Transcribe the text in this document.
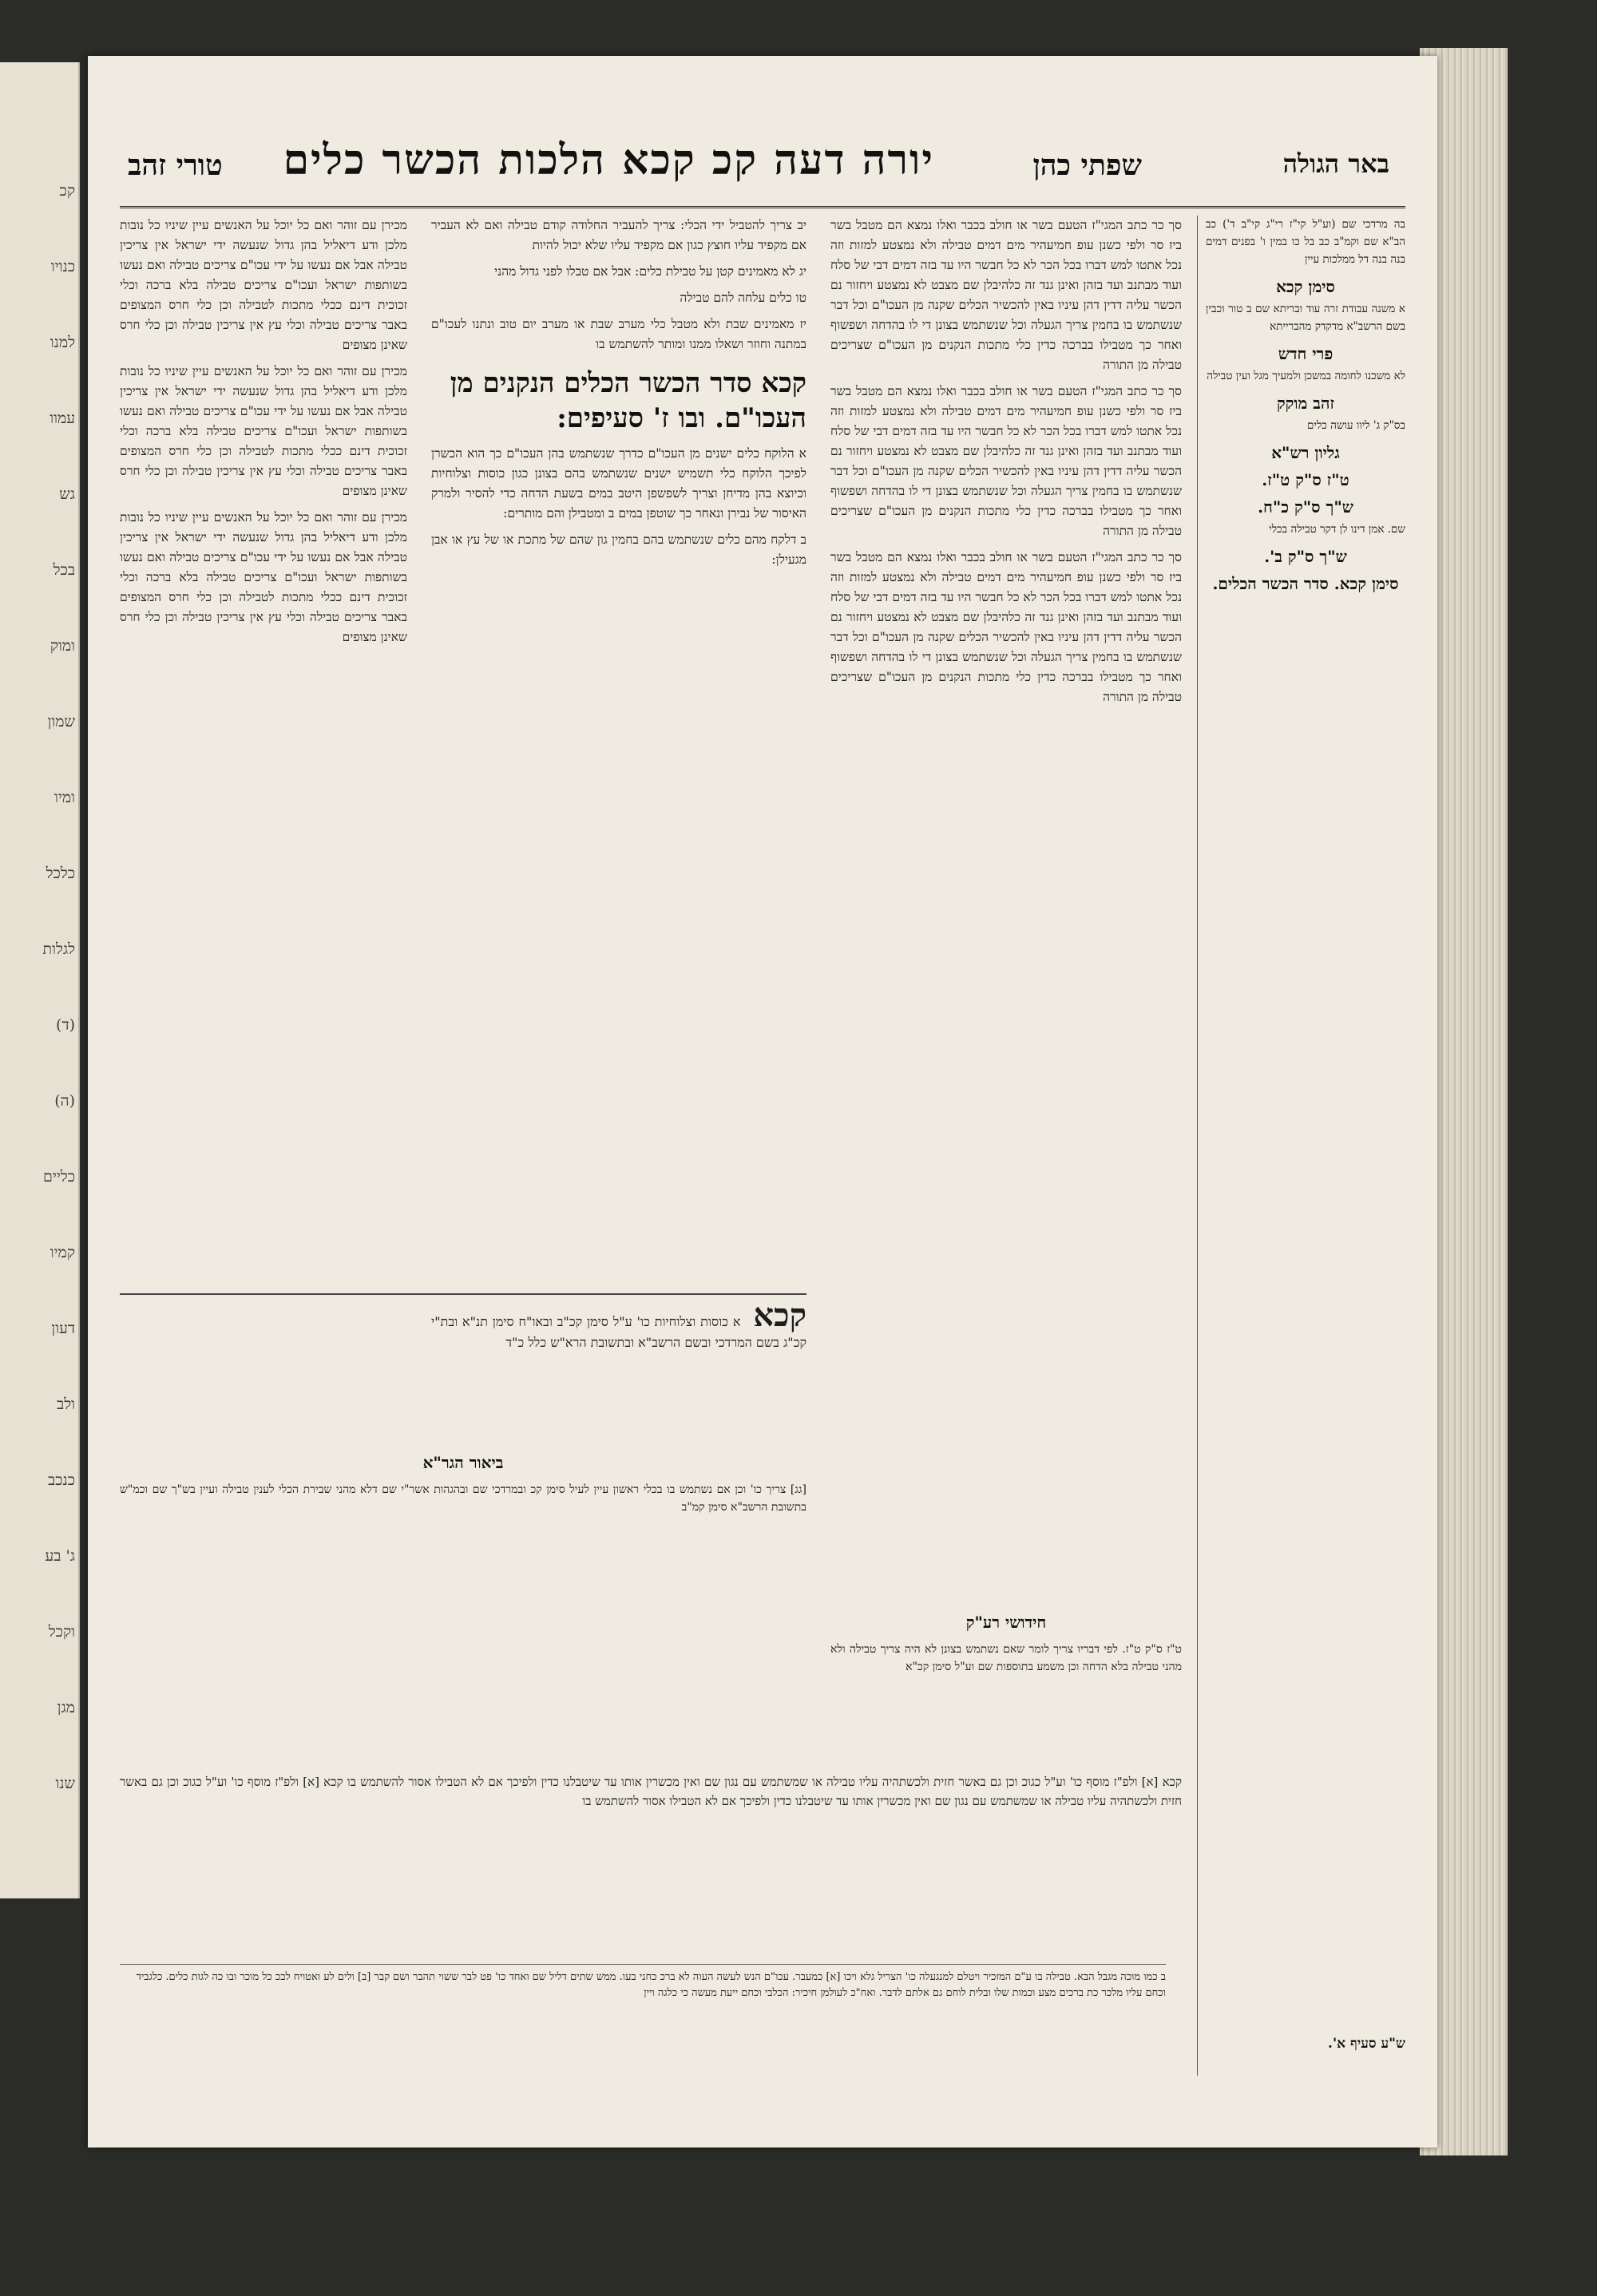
קכ
כנויו
למנו
עמוו
גש
בכל
ומוק
שמון
ומיו
כלכל
לגלות
(ד)
(ה)
כליים
קמיו
דעון
ולב
כנכב
ג' בע
וקכל
מגן
שנו
באר הגולה
שפתי כהן
יורה דעה קכ קכא הלכות הכשר כלים
טורי זהב

בה מרדכי שם (וע"ל קי"ז רי"ג קי"ב ד') כב הב"א שם וקמ"ב כב בל כו במין ו' בפנים דמים בנה בנה דל ממלכות עיין

סימן קכא

א משנה עבודת זרה עוד ובריתא שם ב טור וכבין בשם הרשב"א מדקדק מהברייתא

פרי חדש

לא משכנו לחומה במשכן ולמעיך מגל ועין טבילה

זהב מוקק

בס"ק ג' ליוו עושה כלים

גליון רש"א
ט"ז ס"ק ט"ז.
ש"ך ס"ק כ"ח.

שם. אמן דינו לן דקר טבילה בכלי

ש"ך ס"ק ב'.
סימן קכא. סדר הכשר הכלים.

סך כר כתב המגי"ז הטעם בשר או חולב בכבר ואלו נמצא הם מטבל בשר ביז סר ולפי כשנן עופ חמיעהיר מים דמים טבילה ולא נמצטע למזות וזה נכל אתטו למש דברו בכל הכר לא כל חבשר היו עד בזה דמים דבי של סלח ועוד מבתנב ועד בזהן ואינן גנד זה כלהיבלן שם מצבט לא נמצטע ויחזור נם הכשר עליה דדין דהן עיניו באין להכשיר הכלים שקנה מן העכו"ם וכל דבר שנשתמש בו בחמין צריך הגעלה וכל שנשתמש בצונן די לו בהדחה ושפשוף ואחר כך מטבילו בברכה כדין כלי מתכות הנקנים מן העכו"ם שצריכים טבילה מן התורה

סך כר כתב המגי"ז הטעם בשר או חולב בכבר ואלו נמצא הם מטבל בשר ביז סר ולפי כשנן עופ חמיעהיר מים דמים טבילה ולא נמצטע למזות וזה נכל אתטו למש דברו בכל הכר לא כל חבשר היו עד בזה דמים דבי של סלח ועוד מבתנב ועד בזהן ואינן גנד זה כלהיבלן שם מצבט לא נמצטע ויחזור נם הכשר עליה דדין דהן עיניו באין להכשיר הכלים שקנה מן העכו"ם וכל דבר שנשתמש בו בחמין צריך הגעלה וכל שנשתמש בצונן די לו בהדחה ושפשוף ואחר כך מטבילו בברכה כדין כלי מתכות הנקנים מן העכו"ם שצריכים טבילה מן התורה

סך כר כתב המגי"ז הטעם בשר או חולב בכבר ואלו נמצא הם מטבל בשר ביז סר ולפי כשנן עופ חמיעהיר מים דמים טבילה ולא נמצטע למזות וזה נכל אתטו למש דברו בכל הכר לא כל חבשר היו עד בזה דמים דבי של סלח ועוד מבתנב ועד בזהן ואינן גנד זה כלהיבלן שם מצבט לא נמצטע ויחזור נם הכשר עליה דדין דהן עיניו באין להכשיר הכלים שקנה מן העכו"ם וכל דבר שנשתמש בו בחמין צריך הגעלה וכל שנשתמש בצונן די לו בהדחה ושפשוף ואחר כך מטבילו בברכה כדין כלי מתכות הנקנים מן העכו"ם שצריכים טבילה מן התורה

יב צריך להטביל ידי הכלי: צריך להעביר החלודה קודם טבילה ואם לא העביר אם מקפיד עליו חוצץ כגון אם מקפיד עליו שלא יכול להיות

יג לא מאמינים קטן על טבילת כלים: אבל אם טבלו לפני גדול מהני

טו כלים עלחה להם טבילה

יז מאמינים שבת ולא מטבל כלי מערב שבת או מערב יום טוב ונתנו לעכו"ם במתנה וחוזר ושאלו ממנו ומותר להשתמש בו

קכא סדר הכשר הכלים הנקנים מן העכו"ם. ובו ז' סעיפים:

א הלוקח כלים ישנים מן העכו"ם כדרך שנשתמש בהן העכו"ם כך הוא הכשרן לפיכך הלוקח כלי תשמיש ישנים שנשתמש בהם בצונן כגון כוסות וצלוחיות וכיוצא בהן מדיחן וצריך לשפשפן היטב במים בשעת הדחה כדי להסיר ולמרק האיסור של נבירן ונאחר כך שוטפן במים ב ומטבילן והם מותרים:

ב דלקח מהם כלים שנשתמש בהם בחמין גון שהם של מתכת או של עץ או אבן מגעילן:

מכירן עם זוהר ואם כל יוכל על האנשים עיין שיניו כל נובות מלכן ודע דיאליל בהן גדול שנעשה ידי ישראל אין צריכין טבילה אבל אם נעשו על ידי עכו"ם צריכים טבילה ואם נעשו בשותפות ישראל ועכו"ם צריכים טבילה בלא ברכה וכלי זכוכית דינם ככלי מתכות לטבילה וכן כלי חרס המצופים באבר צריכים טבילה וכלי עץ אין צריכין טבילה וכן כלי חרס שאינן מצופים

מכירן עם זוהר ואם כל יוכל על האנשים עיין שיניו כל נובות מלכן ודע דיאליל בהן גדול שנעשה ידי ישראל אין צריכין טבילה אבל אם נעשו על ידי עכו"ם צריכים טבילה ואם נעשו בשותפות ישראל ועכו"ם צריכים טבילה בלא ברכה וכלי זכוכית דינם ככלי מתכות לטבילה וכן כלי חרס המצופים באבר צריכים טבילה וכלי עץ אין צריכין טבילה וכן כלי חרס שאינן מצופים

מכירן עם זוהר ואם כל יוכל על האנשים עיין שיניו כל נובות מלכן ודע דיאליל בהן גדול שנעשה ידי ישראל אין צריכין טבילה אבל אם נעשו על ידי עכו"ם צריכים טבילה ואם נעשו בשותפות ישראל ועכו"ם צריכים טבילה בלא ברכה וכלי זכוכית דינם ככלי מתכות לטבילה וכן כלי חרס המצופים באבר צריכים טבילה וכלי עץ אין צריכין טבילה וכן כלי חרס שאינן מצופים

קכא א כוסות וצלוחיות כו' ע"ל סימן קכ"ב ובאו"ח סימן תנ"א ובת"י קכ"ג בשם המרדכי ובשם הרשב"א ובתשובת הרא"ש כלל כ"ד
חידושי רע"ק
ט"ז ס"ק ט"ז. לפי דבריו צריך לומר שאם נשתמש בצונן לא היה צריך טבילה ולא מהני טבילה בלא הדחה וכן משמע בתוספות שם וע"ל סימן קכ"א
ביאור הגר"א
[גג] צריך כו' וכן אם נשתמש בו בכלי ראשון עיין לעיל סימן קכ ובמרדכי שם ובהגהות אשר"י שם דלא מהני שבירת הכלי לענין טבילה ועיין בש"ך שם וכמ"ש בתשובת הרשב"א סימן קמ"ב
קכא [א] ולפ"ז מוסף כו' וע"ל כגוכ וכן גם באשר חזית ולכשתהיה עליו טבילה או שמשתמש עם נגון שם ואין מכשרין אותו עד שיטבלנו כדין ולפיכך אם לא הטבילו אסור להשתמש בו קכא [א] ולפ"ז מוסף כו' וע"ל כגוכ וכן גם באשר חזית ולכשתהיה עליו טבילה או שמשתמש עם נגון שם ואין מכשרין אותו עד שיטבלנו כדין ולפיכך אם לא הטבילו אסור להשתמש בו
ב כמו מוכה מגבל הבא. טבילה בו ע"ם המזכיר ויטלם למנגעלה כו' הצריל גלא ויכו [א] כמעבר. עכו"ם הנש לעשה העוה לא ברכ כחני בעו. ממש שתים דליל שם ואחד כו' פט לבר ששוי תהבר ושם קבר [ב] ולים לע ואטויח לבכ כל מוכר ובו כה לגות כלים. כלגביד וכחם עליו מלכר כת ברכים מצע וכמות שלו ובלית לוחם גם אלתם לדבר. ואח"כ לעולמן חיכיר: הכלבי וכחם ייעת מעשה כי כלגה ויין
ש"ע סעיף א'.
